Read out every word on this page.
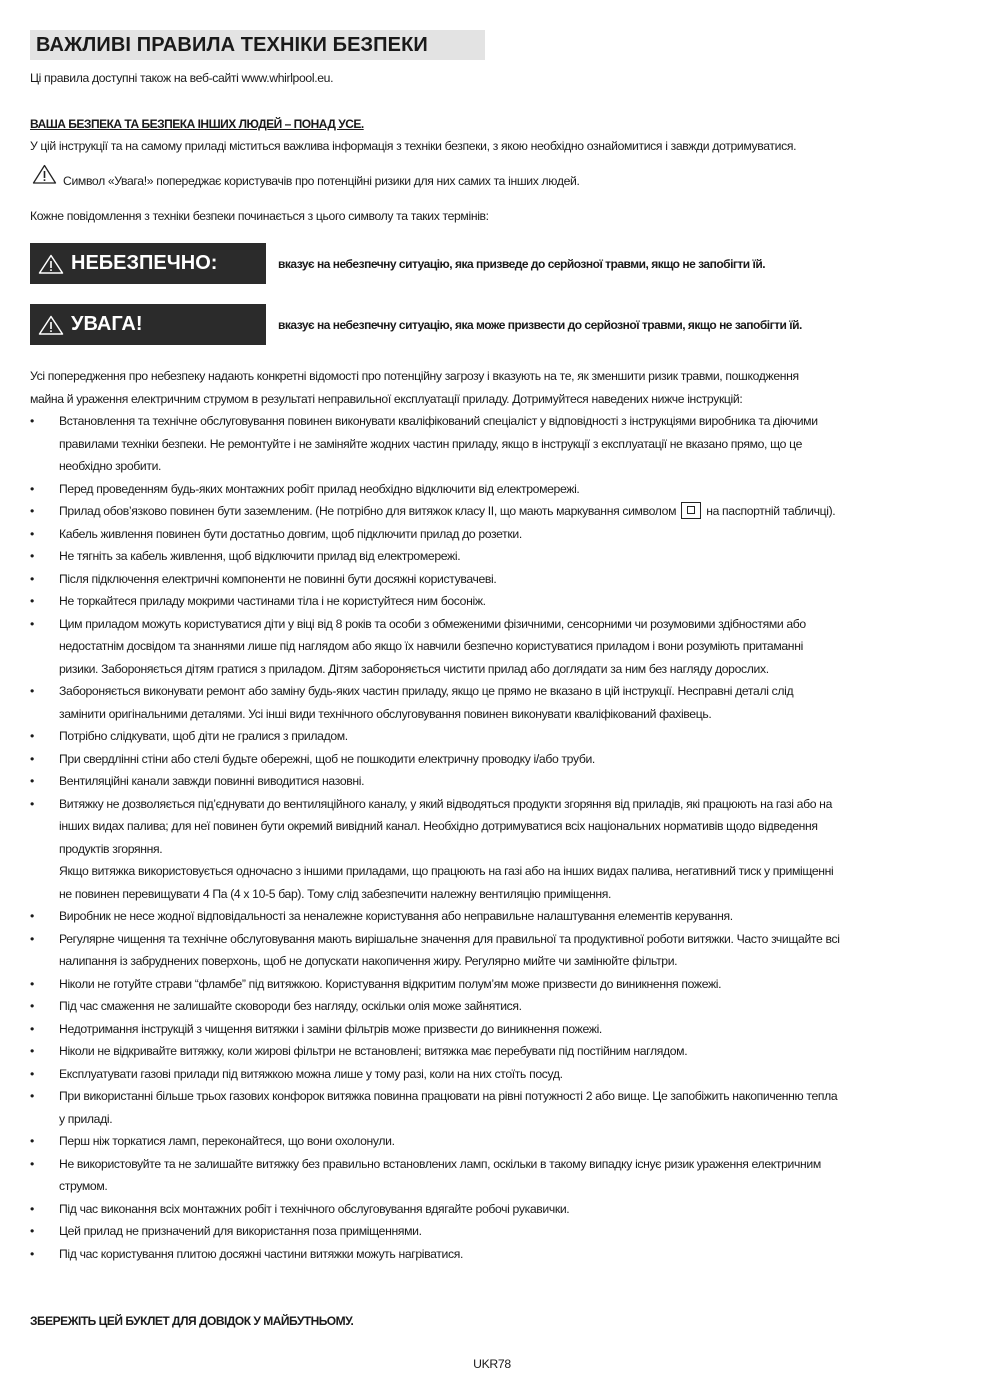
ВАЖЛИВІ ПРАВИЛА ТЕХНІКИ БЕЗПЕКИ
Ці правила доступні також на веб-сайті www.whirlpool.eu.
ВАША БЕЗПЕКА ТА БЕЗПЕКА ІНШИХ ЛЮДЕЙ – ПОНАД УСЕ.
У цій інструкції та на самому приладі міститься важлива інформація з техніки безпеки, з якою необхідно ознайомитися і завжди дотримуватися.
Символ «Увага!» попереджає користувачів про потенційні ризики для них самих та інших людей.
Кожне повідомлення з техніки безпеки починається з цього символу та таких термінів:
НЕБЕЗПЕЧНО:	вказує на небезпечну ситуацію, яка призведе до серйозної травми, якщо не запобігти їй.
УВАГА!	вказує на небезпечну ситуацію, яка може призвести до серйозної травми, якщо не запобігти їй.

Усі попередження про небезпеку надають конкретні відомості про потенційну загрозу і вказують на те, як зменшити ризик травми, пошкодження

майна й ураження електричним струмом в результаті неправильної експлуатації приладу. Дотримуйтеся наведених нижче інструкцій:

• Встановлення та технічне обслуговування повинен виконувати кваліфікований спеціаліст у відповідності з інструкціями виробника та діючими
правилами техніки безпеки. Не ремонтуйте і не заміняйте жодних частин приладу, якщо в інструкції з експлуатації не вказано прямо, що це
необхідно зробити.
• Перед проведенням будь-яких монтажних робіт прилад необхідно відключити від електромережі.
• Прилад обов’язково повинен бути заземленим. (Не потрібно для витяжок класу II, що мають маркування символом на паспортній табличці).
• Кабель живлення повинен бути достатньо довгим, щоб підключити прилад до розетки.
• Не тягніть за кабель живлення, щоб відключити прилад від електромережі.
• Після підключення електричні компоненти не повинні бути досяжні користувачеві.
• Не торкайтеся приладу мокрими частинами тіла і не користуйтеся ним босоніж.
• Цим приладом можуть користуватися діти у віці від 8 років та особи з обмеженими фізичними, сенсорними чи розумовими здібностями або
недостатнім досвідом та знаннями лише під наглядом або якщо їх навчили безпечно користуватися приладом і вони розуміють притаманні
ризики. Забороняється дітям гратися з приладом. Дітям забороняється чистити прилад або доглядати за ним без нагляду дорослих.
• Забороняється виконувати ремонт або заміну будь-яких частин приладу, якщо це прямо не вказано в цій інструкції. Несправні деталі слід
замінити оригінальними деталями. Усі інші види технічного обслуговування повинен виконувати кваліфікований фахівець.
• Потрібно слідкувати, щоб діти не гралися з приладом.
• При свердлінні стіни або стелі будьте обережні, щоб не пошкодити електричну проводку і/або труби.
• Вентиляційні канали завжди повинні виводитися назовні.
• Витяжку не дозволяється під’єднувати до вентиляційного каналу, у який відводяться продукти згоряння від приладів, які працюють на газі або на
інших видах палива; для неї повинен бути окремий вивідний канал. Необхідно дотримуватися всіх національних нормативів щодо відведення
продуктів згоряння.
Якщо витяжка використовується одночасно з іншими приладами, що працюють на газі або на інших видах палива, негативний тиск у приміщенні
не повинен перевищувати 4 Па (4 x 10-5 бар). Тому слід забезпечити належну вентиляцію приміщення.
• Виробник не несе жодної відповідальності за неналежне користування або неправильне налаштування елементів керування.
• Регулярне чищення та технічне обслуговування мають вирішальне значення для правильної та продуктивної роботи витяжки. Часто зчищайте всі
налипання із забруднених поверхонь, щоб не допускати накопичення жиру. Регулярно мийте чи замінюйте фільтри.
• Ніколи не готуйте страви “фламбе” під витяжкою. Користування відкритим полум’ям може призвести до виникнення пожежі.
• Під час смаження не залишайте сковороди без нагляду, оскільки олія може зайнятися.
• Недотримання інструкцій з чищення витяжки і заміни фільтрів може призвести до виникнення пожежі.
• Ніколи не відкривайте витяжку, коли жирові фільтри не встановлені; витяжка має перебувати під постійним наглядом.
• Експлуатувати газові прилади під витяжкою можна лише у тому разі, коли на них стоїть посуд.
• При використанні більше трьох газових конфорок витяжка повинна працювати на рівні потужності 2 або вище. Це запобіжить накопиченню тепла
у приладі.
• Перш ніж торкатися ламп, переконайтеся, що вони охолонули.
• Не використовуйте та не залишайте витяжку без правильно встановлених ламп, оскільки в такому випадку існує ризик ураження електричним
струмом.
• Під час виконання всіх монтажних робіт і технічного обслуговування вдягайте робочі рукавички.
• Цей прилад не призначений для використання поза приміщеннями.
• Під час користування плитою досяжні частини витяжки можуть нагріватися.
ЗБЕРЕЖІТЬ ЦЕЙ БУКЛЕТ ДЛЯ ДОВІДОК У МАЙБУТНЬОМУ.
UKR78
